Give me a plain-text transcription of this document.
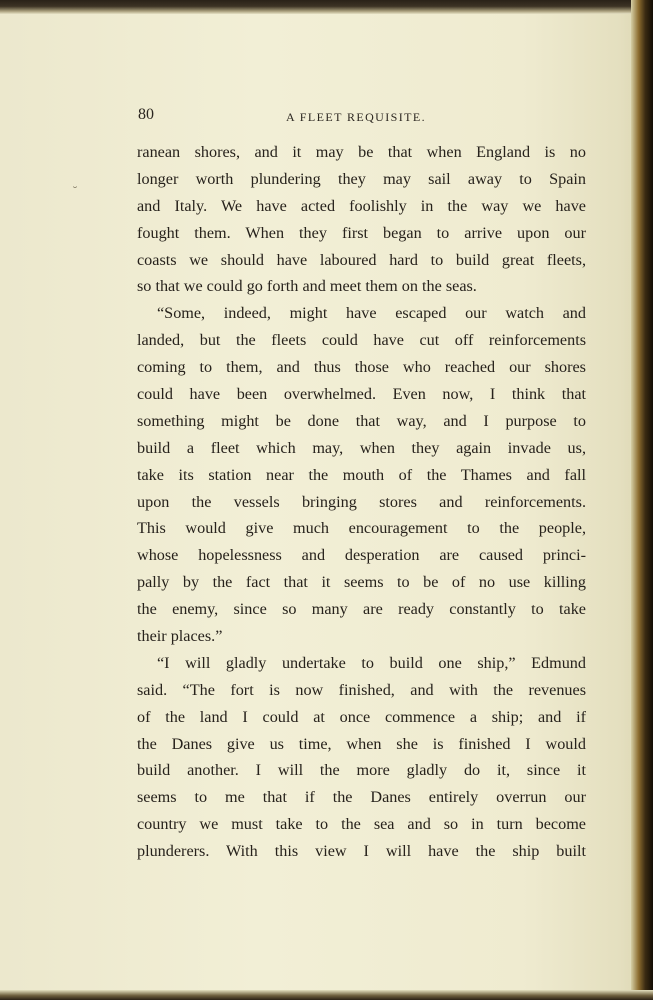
˘
80	A FLEET REQUISITE.
ranean shores, and it may be that when England is no
longer worth plundering they may sail away to Spain
and Italy. We have acted foolishly in the way we have
fought them. When they first began to arrive upon our
coasts we should have laboured hard to build great fleets,
so that we could go forth and meet them on the seas.
“Some, indeed, might have escaped our watch and
landed, but the fleets could have cut off reinforcements
coming to them, and thus those who reached our shores
could have been overwhelmed. Even now, I think that
something might be done that way, and I purpose to
build a fleet which may, when they again invade us,
take its station near the mouth of the Thames and fall
upon the vessels bringing stores and reinforcements.
This would give much encouragement to the people,
whose hopelessness and desperation are caused princi-
pally by the fact that it seems to be of no use killing
the enemy, since so many are ready constantly to take
their places.”
“I will gladly undertake to build one ship,” Edmund
said. “The fort is now finished, and with the revenues
of the land I could at once commence a ship; and if
the Danes give us time, when she is finished I would
build another. I will the more gladly do it, since it
seems to me that if the Danes entirely overrun our
country we must take to the sea and so in turn become
plunderers. With this view I will have the ship built
